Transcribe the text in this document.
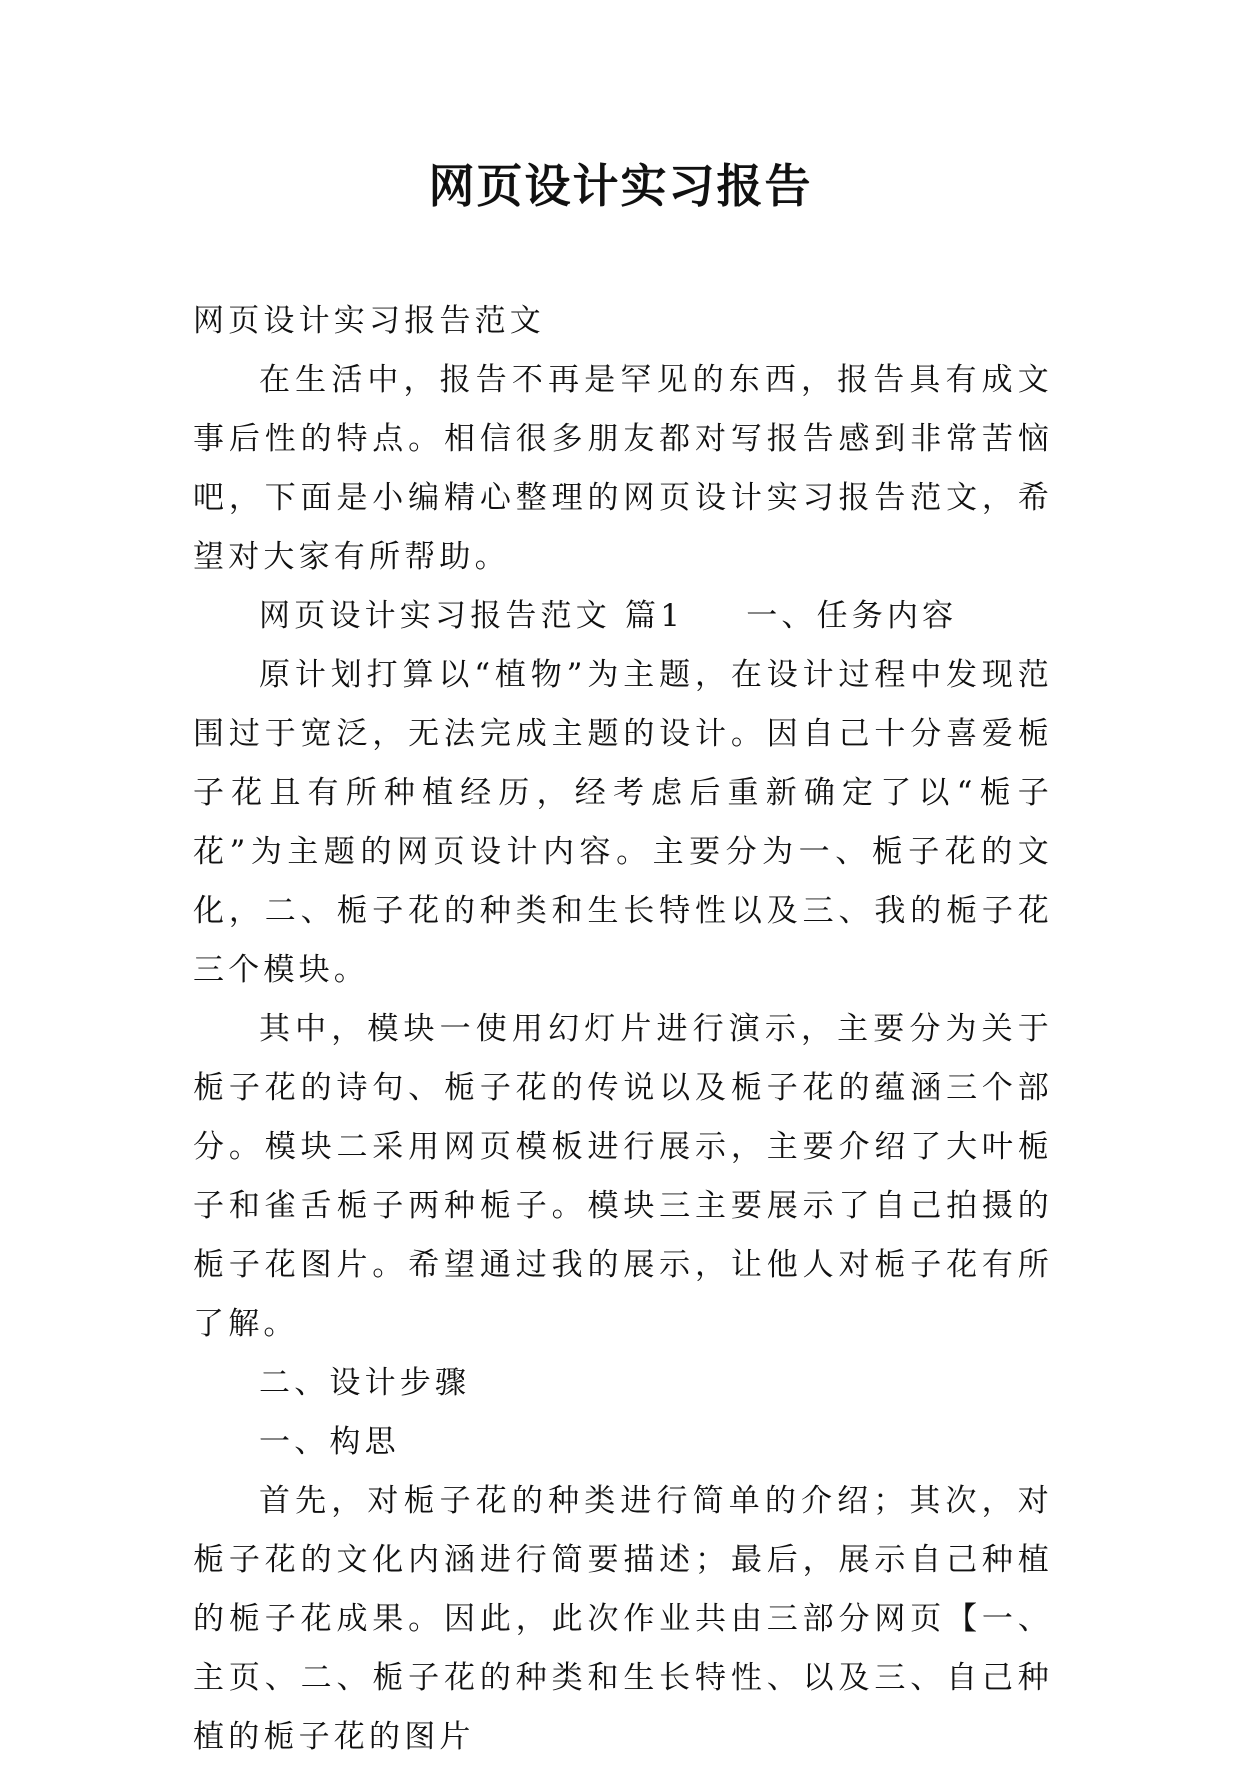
网页设计实习报告

网页设计实习报告范文

在生活中，报告不再是罕见的东西，报告具有成文事后性的特点。相信很多朋友都对写报告感到非常苦恼吧，下面是小编精心整理的网页设计实习报告范文，希望对大家有所帮助。

网页设计实习报告范文 篇1 一、任务内容

原计划打算以“植物”为主题，在设计过程中发现范围过于宽泛，无法完成主题的设计。因自己十分喜爱栀子花且有所种植经历，经考虑后重新确定了以“栀子花”为主题的网页设计内容。主要分为一、栀子花的文化，二、栀子花的种类和生长特性以及三、我的栀子花三个模块。

其中，模块一使用幻灯片进行演示，主要分为关于栀子花的诗句、栀子花的传说以及栀子花的蕴涵三个部分。模块二采用网页模板进行展示，主要介绍了大叶栀子和雀舌栀子两种栀子。模块三主要展示了自己拍摄的栀子花图片。希望通过我的展示，让他人对栀子花有所了解。

二、设计步骤

一、构思

首先，对栀子花的种类进行简单的介绍；其次，对栀子花的文化内涵进行简要描述；最后，展示自己种植的栀子花成果。因此，此次作业共由三部分网页【一、主页、二、栀子花的种类和生长特性、以及三、自己种植的栀子花的图片
